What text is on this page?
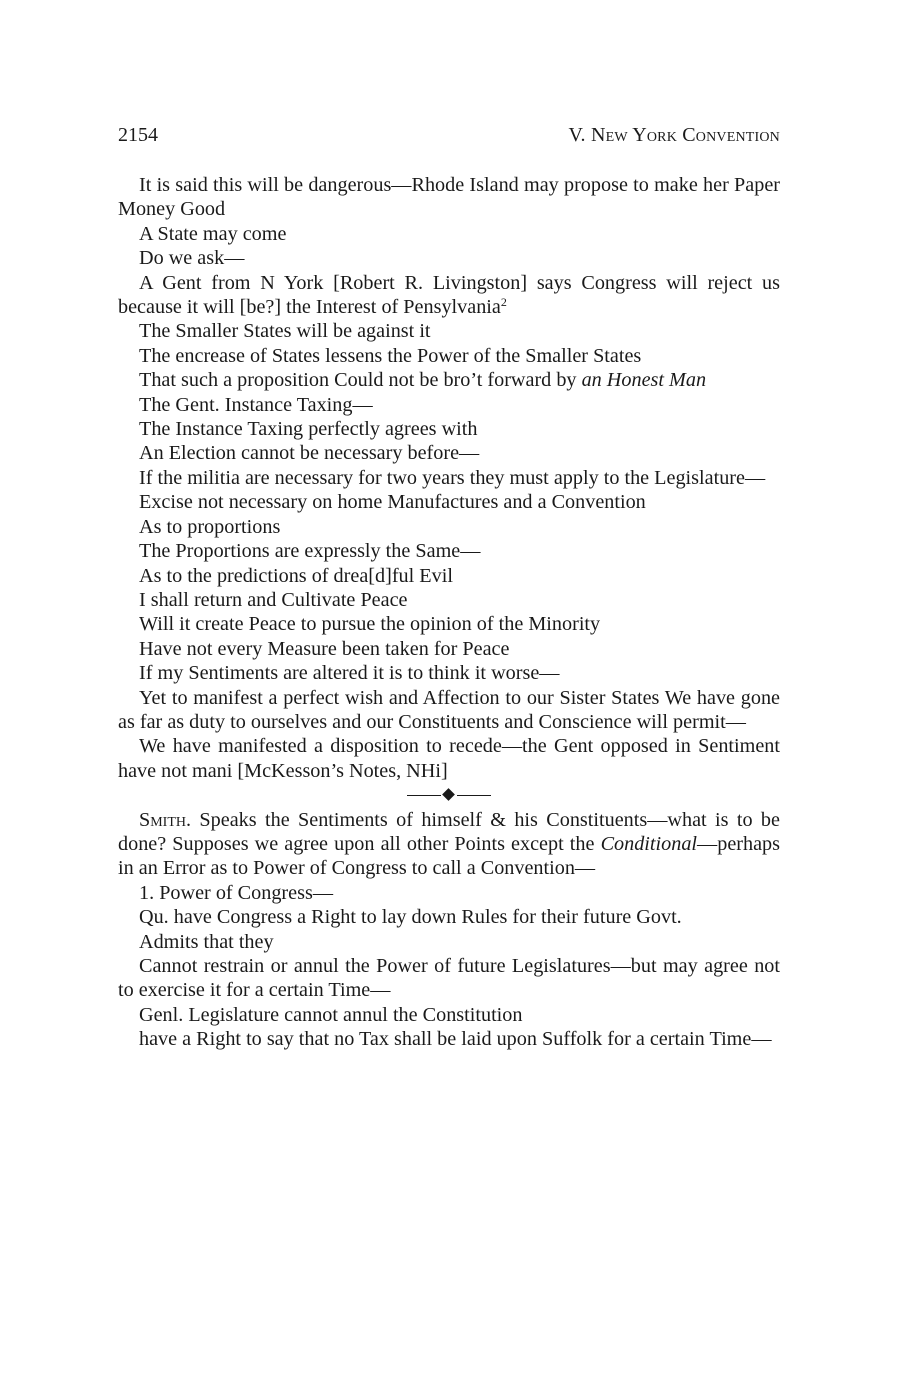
2154	V. New York Convention

It is said this will be dangerous—Rhode Island may propose to make her Paper Money Good

A State may come

Do we ask—

A Gent from N York [Robert R. Livingston] says Congress will reject us because it will [be?] the Interest of Pensylvania$^2$

The Smaller States will be against it

The encrease of States lessens the Power of the Smaller States

That such a proposition Could not be bro’t forward by an Honest Man

The Gent. Instance Taxing—

The Instance Taxing perfectly agrees with

An Election cannot be necessary before—

If the militia are necessary for two years they must apply to the Legislature—

Excise not necessary on home Manufactures and a Convention

As to proportions

The Proportions are expressly the Same—

As to the predictions of drea[d]ful Evil

I shall return and Cultivate Peace

Will it create Peace to pursue the opinion of the Minority

Have not every Measure been taken for Peace

If my Sentiments are altered it is to think it worse—

Yet to manifest a perfect wish and Affection to our Sister States We have gone as far as duty to ourselves and our Constituents and Conscience will permit—

We have manifested a disposition to recede—the Gent opposed in Sentiment have not mani [McKesson’s Notes, NHi]

Smith. Speaks the Sentiments of himself & his Constituents—what is to be done? Supposes we agree upon all other Points except the Conditional—perhaps in an Error as to Power of Congress to call a Convention—

1. Power of Congress—

Qu. have Congress a Right to lay down Rules for their future Govt.

Admits that they

Cannot restrain or annul the Power of future Legislatures—but may agree not to exercise it for a certain Time—

Genl. Legislature cannot annul the Constitution

have a Right to say that no Tax shall be laid upon Suffolk for a certain Time—
